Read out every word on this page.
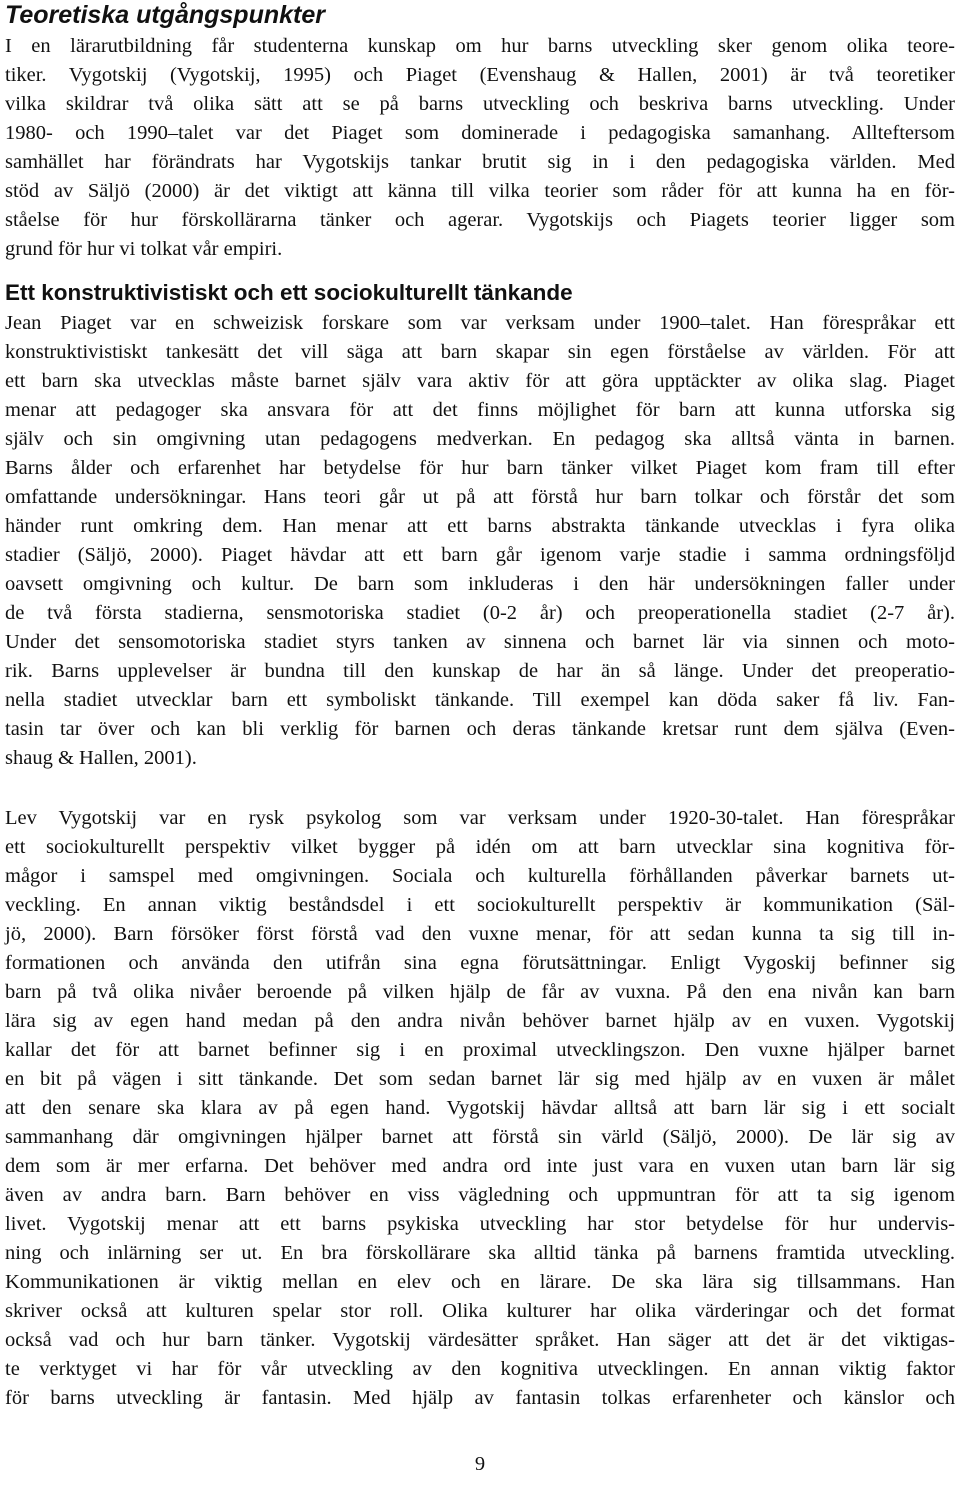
Teoretiska utgångspunkter

I en lärarutbildning får studenterna kunskap om hur barns utveckling sker genom olika teore-
tiker. Vygotskij (Vygotskij, 1995) och Piaget (Evenshaug & Hallen, 2001) är två teoretiker
vilka skildrar två olika sätt att se på barns utveckling och beskriva barns utveckling. Under
1980- och 1990–talet var det Piaget som dominerade i pedagogiska samanhang. Allteftersom
samhället har förändrats har Vygotskijs tankar brutit sig in i den pedagogiska världen. Med
stöd av Säljö (2000) är det viktigt att känna till vilka teorier som råder för att kunna ha en för-
ståelse för hur förskollärarna tänker och agerar. Vygotskijs och Piagets teorier ligger som
grund för hur vi tolkat vår empiri.

Ett konstruktivistiskt och ett sociokulturellt tänkande

Jean Piaget var en schweizisk forskare som var verksam under 1900–talet. Han förespråkar ett
konstruktivistiskt tankesätt det vill säga att barn skapar sin egen förståelse av världen. För att
ett barn ska utvecklas måste barnet själv vara aktiv för att göra upptäckter av olika slag. Piaget
menar att pedagoger ska ansvara för att det finns möjlighet för barn att kunna utforska sig
själv och sin omgivning utan pedagogens medverkan. En pedagog ska alltså vänta in barnen.
Barns ålder och erfarenhet har betydelse för hur barn tänker vilket Piaget kom fram till efter
omfattande undersökningar. Hans teori går ut på att förstå hur barn tolkar och förstår det som
händer runt omkring dem. Han menar att ett barns abstrakta tänkande utvecklas i fyra olika
stadier (Säljö, 2000). Piaget hävdar att ett barn går igenom varje stadie i samma ordningsföljd
oavsett omgivning och kultur. De barn som inkluderas i den här undersökningen faller under
de två första stadierna, sensmotoriska stadiet (0-2 år) och preoperationella stadiet (2-7 år).
Under det sensomotoriska stadiet styrs tanken av sinnena och barnet lär via sinnen och moto-
rik. Barns upplevelser är bundna till den kunskap de har än så länge. Under det preoperatio-
nella stadiet utvecklar barn ett symboliskt tänkande. Till exempel kan döda saker få liv. Fan-
tasin tar över och kan bli verklig för barnen och deras tänkande kretsar runt dem själva (Even-
shaug & Hallen, 2001).

Lev Vygotskij var en rysk psykolog som var verksam under 1920-30-talet. Han förespråkar
ett sociokulturellt perspektiv vilket bygger på idén om att barn utvecklar sina kognitiva för-
mågor i samspel med omgivningen. Sociala och kulturella förhållanden påverkar barnets ut-
veckling. En annan viktig beståndsdel i ett sociokulturellt perspektiv är kommunikation (Säl-
jö, 2000). Barn försöker först förstå vad den vuxne menar, för att sedan kunna ta sig till in-
formationen och använda den utifrån sina egna förutsättningar. Enligt Vygoskij befinner sig
barn på två olika nivåer beroende på vilken hjälp de får av vuxna. På den ena nivån kan barn
lära sig av egen hand medan på den andra nivån behöver barnet hjälp av en vuxen. Vygotskij
kallar det för att barnet befinner sig i en proximal utvecklingszon. Den vuxne hjälper barnet
en bit på vägen i sitt tänkande. Det som sedan barnet lär sig med hjälp av en vuxen är målet
att den senare ska klara av på egen hand. Vygotskij hävdar alltså att barn lär sig i ett socialt
sammanhang där omgivningen hjälper barnet att förstå sin värld (Säljö, 2000). De lär sig av
dem som är mer erfarna. Det behöver med andra ord inte just vara en vuxen utan barn lär sig
även av andra barn. Barn behöver en viss vägledning och uppmuntran för att ta sig igenom
livet. Vygotskij menar att ett barns psykiska utveckling har stor betydelse för hur undervis-
ning och inlärning ser ut. En bra förskollärare ska alltid tänka på barnens framtida utveckling.
Kommunikationen är viktig mellan en elev och en lärare. De ska lära sig tillsammans. Han
skriver också att kulturen spelar stor roll. Olika kulturer har olika värderingar och det format
också vad och hur barn tänker. Vygotskij värdesätter språket. Han säger att det är det viktigas-
te verktyget vi har för vår utveckling av den kognitiva utvecklingen. En annan viktig faktor
för barns utveckling är fantasin. Med hjälp av fantasin tolkas erfarenheter och känslor och

9
